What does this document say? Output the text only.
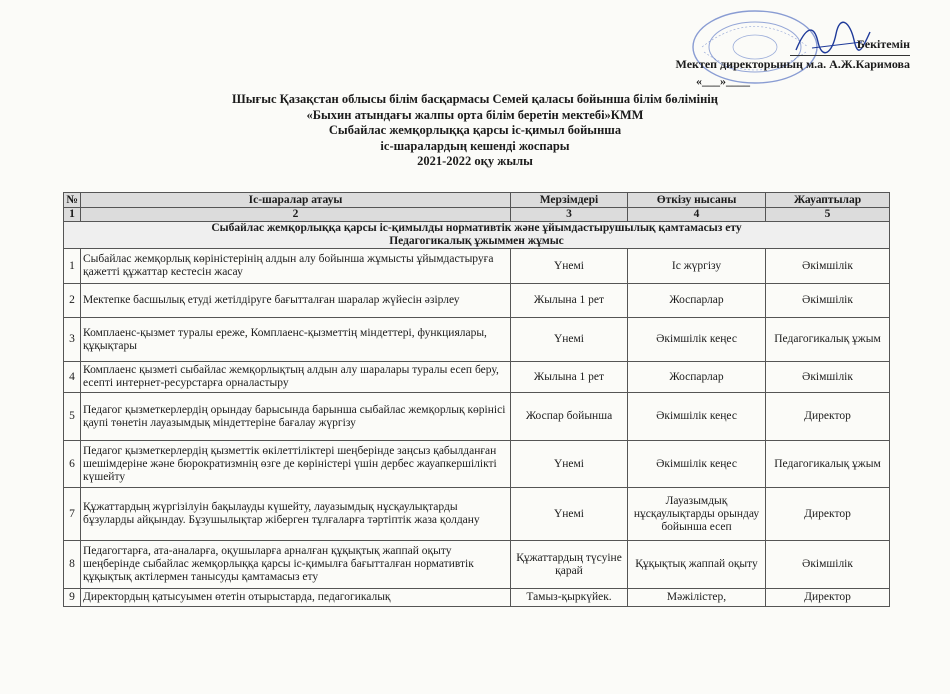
Бекітемін
Мектеп директорының м.а. А.Ж.Каримова
«___»____
Шығыс Қазақстан облысы білім басқармасы Семей қаласы бойынша білім бөлімінің
«Быхин атындағы жалпы орта білім беретін мектебі»КММ
Сыбайлас жемқорлыққа қарсы іс-қимыл бойынша
іс-шаралардың кешенді жоспары
2021-2022 оқу жылы
№	Іс-шаралар атауы	Мерзімдері	Өткізу нысаны	Жауаптылар
1	2	3	4	5

Сыбайлас жемқорлыққа қарсы іс-қимылды нормативтік және ұйымдастырушылық қамтамасыз ету
Педагогикалық ұжыммен жұмыс				

1	Сыбайлас жемқорлық көріністерінің алдын алу бойынша жұмысты ұйымдастыруға қажетті құжаттар кестесін жасау	Үнемі	Іс жүргізу	Әкімшілік
2	Мектепке басшылық етуді жетілдіруге бағытталған шаралар жүйесін әзірлеу	Жылына 1 рет	Жоспарлар	Әкімшілік
3	Комплаенс-қызмет туралы ереже, Комплаенс-қызметтің міндеттері, функциялары, құқықтары	Үнемі	Әкімшілік кеңес	Педагогикалық ұжым
4	Комплаенс қызметі сыбайлас жемқорлықтың алдын алу шаралары туралы есеп беру, есепті интернет-ресурстарға орналастыру	Жылына 1 рет	Жоспарлар	Әкімшілік
5	Педагог қызметкерлердің орындау барысында барынша сыбайлас жемқорлық көрінісі қаупі төнетін лауазымдық міндеттеріне бағалау жүргізу	Жоспар бойынша	Әкімшілік кеңес	Директор
6	Педагог қызметкерлердің қызметтік өкілеттіліктері шеңберінде заңсыз қабылданған шешімдеріне және бюрократизмнің өзге де көріністері үшін дербес жауапкершілікті күшейту	Үнемі	Әкімшілік кеңес	Педагогикалық ұжым
7	Құжаттардың жүргізілуін бақылауды күшейту, лауазымдық нұсқаулықтарды бұзуларды айқындау. Бұзушылықтар жіберген тұлғаларға тәртіптік жаза қолдану	Үнемі	Лауазымдық нұсқаулықтарды орындау бойынша есеп	Директор
8	Педагогтарға, ата-аналарға, оқушыларға арналған құқықтық жаппай оқыту шеңберінде сыбайлас жемқорлыққа қарсы іс-қимылға бағытталған нормативтік құқықтық актілермен танысуды қамтамасыз ету	Құжаттардың түсуіне қарай	Құқықтық жаппай оқыту	Әкімшілік
9	Директордың қатысуымен өтетін отырыстарда, педагогикалық	Тамыз-қыркүйек.	Мәжілістер,	Директор
